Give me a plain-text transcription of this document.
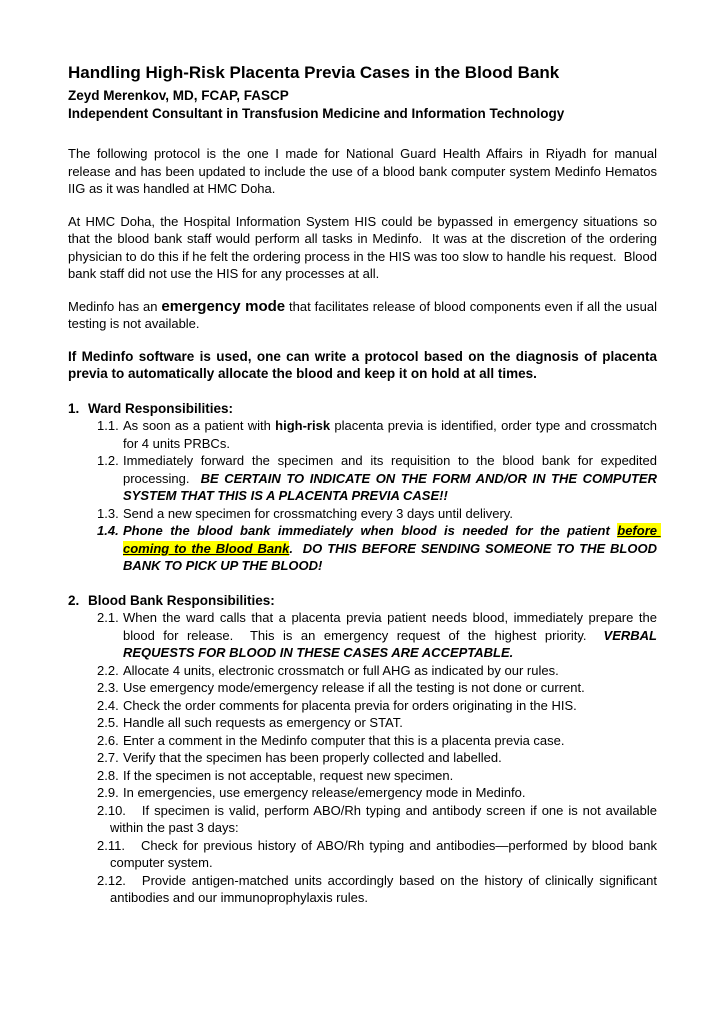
Handling High-Risk Placenta Previa Cases in the Blood Bank
Zeyd Merenkov, MD, FCAP, FASCP
Independent Consultant in Transfusion Medicine and Information Technology

The following protocol is the one I made for National Guard Health Affairs in Riyadh for manual release and has been updated to include the use of a blood bank computer system Medinfo Hematos IIG as it was handled at HMC Doha.

At HMC Doha, the Hospital Information System HIS could be bypassed in emergency situations so that the blood bank staff would perform all tasks in Medinfo.  It was at the discretion of the ordering physician to do this if he felt the ordering process in the HIS was too slow to handle his request.  Blood bank staff did not use the HIS for any processes at all.

Medinfo has an emergency mode that facilitates release of blood components even if all the usual testing is not available.

If Medinfo software is used, one can write a protocol based on the diagnosis of placenta previa to automatically allocate the blood and keep it on hold at all times.

1. Ward Responsibilities:
1.1. As soon as a patient with high-risk placenta previa is identified, order type and crossmatch for 4 units PRBCs.
1.2. Immediately forward the specimen and its requisition to the blood bank for expedited processing.  BE CERTAIN TO INDICATE ON THE FORM AND/OR IN THE COMPUTER SYSTEM THAT THIS IS A PLACENTA PREVIA CASE!!
1.3. Send a new specimen for crossmatching every 3 days until delivery.
1.4. Phone the blood bank immediately when blood is needed for the patient before coming to the Blood Bank.  DO THIS BEFORE SENDING SOMEONE TO THE BLOOD BANK TO PICK UP THE BLOOD!
2. Blood Bank Responsibilities:
2.1. When the ward calls that a placenta previa patient needs blood, immediately prepare the blood for release.  This is an emergency request of the highest priority.  VERBAL REQUESTS FOR BLOOD IN THESE CASES ARE ACCEPTABLE.
2.2. Allocate 4 units, electronic crossmatch or full AHG as indicated by our rules.
2.3. Use emergency mode/emergency release if all the testing is not done or current.
2.4. Check the order comments for placenta previa for orders originating in the HIS.
2.5. Handle all such requests as emergency or STAT.
2.6. Enter a comment in the Medinfo computer that this is a placenta previa case.
2.7. Verify that the specimen has been properly collected and labelled.
2.8. If the specimen is not acceptable, request new specimen.
2.9. In emergencies, use emergency release/emergency mode in Medinfo.
2.10. If specimen is valid, perform ABO/Rh typing and antibody screen if one is not available within the past 3 days:
2.11. Check for previous history of ABO/Rh typing and antibodies—performed by blood bank computer system.
2.12. Provide antigen-matched units accordingly based on the history of clinically significant antibodies and our immunoprophylaxis rules.
